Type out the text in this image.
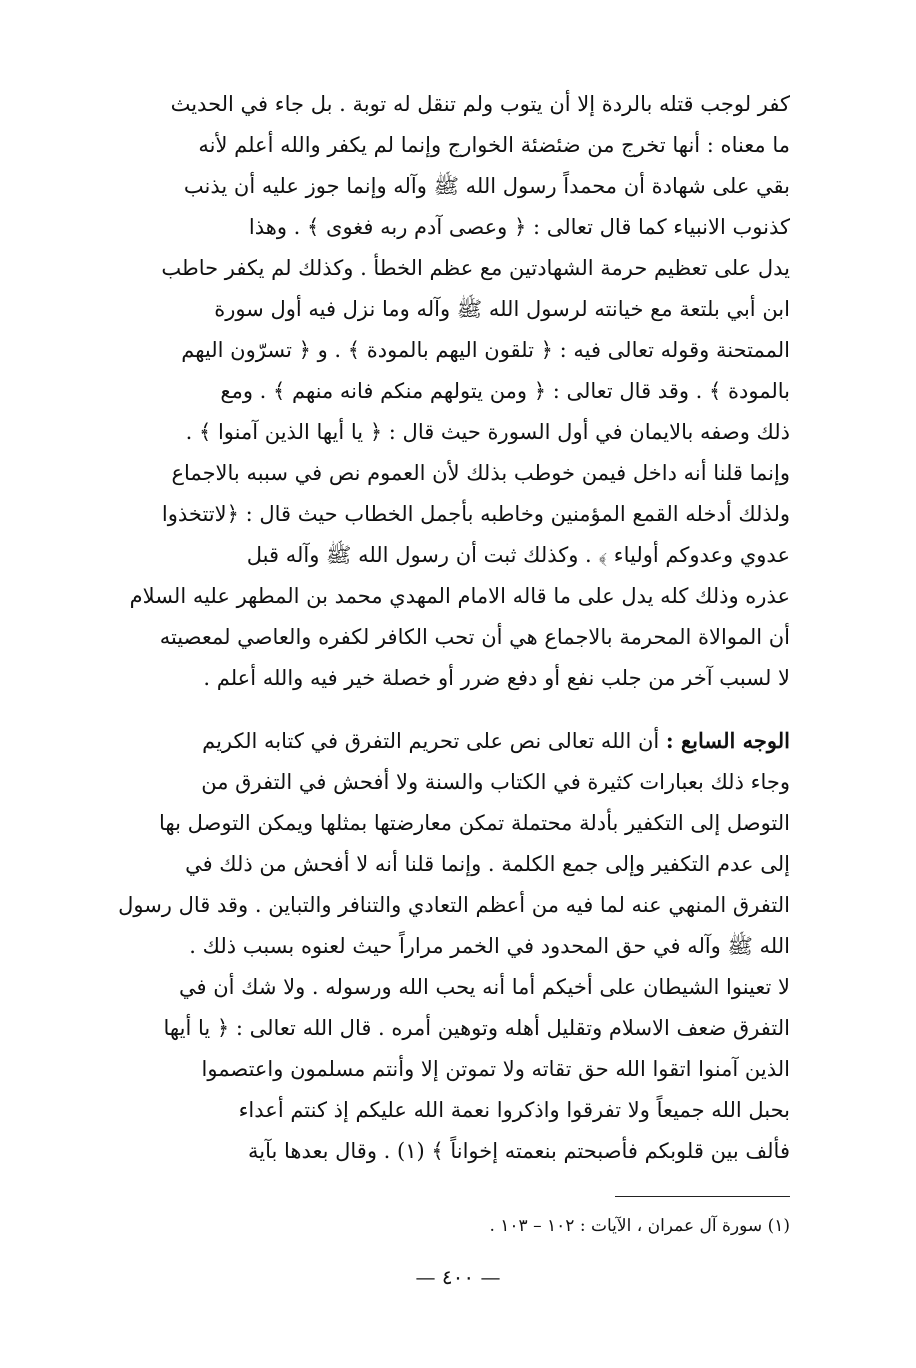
كفر لوجب قتله بالردة إلا أن يتوب ولم تنقل له توبة . بل جاء في الحديث
ما معناه : أنها تخرج من ضئضئة الخوارج وإنما لم يكفر والله أعلم لأنه
بقي على شهادة أن محمداً رسول الله ﷺ وآله وإنما جوز عليه أن يذنب
كذنوب الانبياء كما قال تعالى : ﴿ وعصى آدم ربه فغوى ﴾ . وهذا
يدل على تعظيم حرمة الشهادتين مع عظم الخطأ . وكذلك لم يكفر حاطب
ابن أبي بلتعة مع خيانته لرسول الله ﷺ وآله وما نزل فيه أول سورة
الممتحنة وقوله تعالى فيه : ﴿ تلقون اليهم بالمودة ﴾ . و ﴿ تسرّون اليهم
بالمودة ﴾ . وقد قال تعالى : ﴿ ومن يتولهم منكم فانه منهم ﴾ . ومع
ذلك وصفه بالايمان في أول السورة حيث قال : ﴿ يا أيها الذين آمنوا ﴾ .
وإنما قلنا أنه داخل فيمن خوطب بذلك لأن العموم نص في سببه بالاجماع
ولذلك أدخله القمع المؤمنين وخاطبه بأجمل الخطاب حيث قال : ﴿لاتتخذوا
عدوي وعدوكم أولياء ﴾ . وكذلك ثبت أن رسول الله ﷺ وآله قبل
عذره وذلك كله يدل على ما قاله الامام المهدي محمد بن المطهر عليه السلام
أن الموالاة المحرمة بالاجماع هي أن تحب الكافر لكفره والعاصي لمعصيته
لا لسبب آخر من جلب نفع أو دفع ضرر أو خصلة خير فيه والله أعلم .
الوجه السابع : أن الله تعالى نص على تحريم التفرق في كتابه الكريم
وجاء ذلك بعبارات كثيرة في الكتاب والسنة ولا أفحش في التفرق من
التوصل إلى التكفير بأدلة محتملة تمكن معارضتها بمثلها ويمكن التوصل بها
إلى عدم التكفير وإلى جمع الكلمة . وإنما قلنا أنه لا أفحش من ذلك في
التفرق المنهي عنه لما فيه من أعظم التعادي والتنافر والتباين . وقد قال رسول
الله ﷺ وآله في حق المحدود في الخمر مراراً حيث لعنوه بسبب ذلك .
لا تعينوا الشيطان على أخيكم أما أنه يحب الله ورسوله . ولا شك أن في
التفرق ضعف الاسلام وتقليل أهله وتوهين أمره . قال الله تعالى : ﴿ يا أيها
الذين آمنوا اتقوا الله حق تقاته ولا تموتن إلا وأنتم مسلمون واعتصموا
بحبل الله جميعاً ولا تفرقوا واذكروا نعمة الله عليكم إذ كنتم أعداء
فألف بين قلوبكم فأصبحتم بنعمته إخواناً ﴾ (١) . وقال بعدها بآية
(١) سورة آل عمران ، الآيات : ١٠٢ – ١٠٣ .
— ٤٠٠ —
